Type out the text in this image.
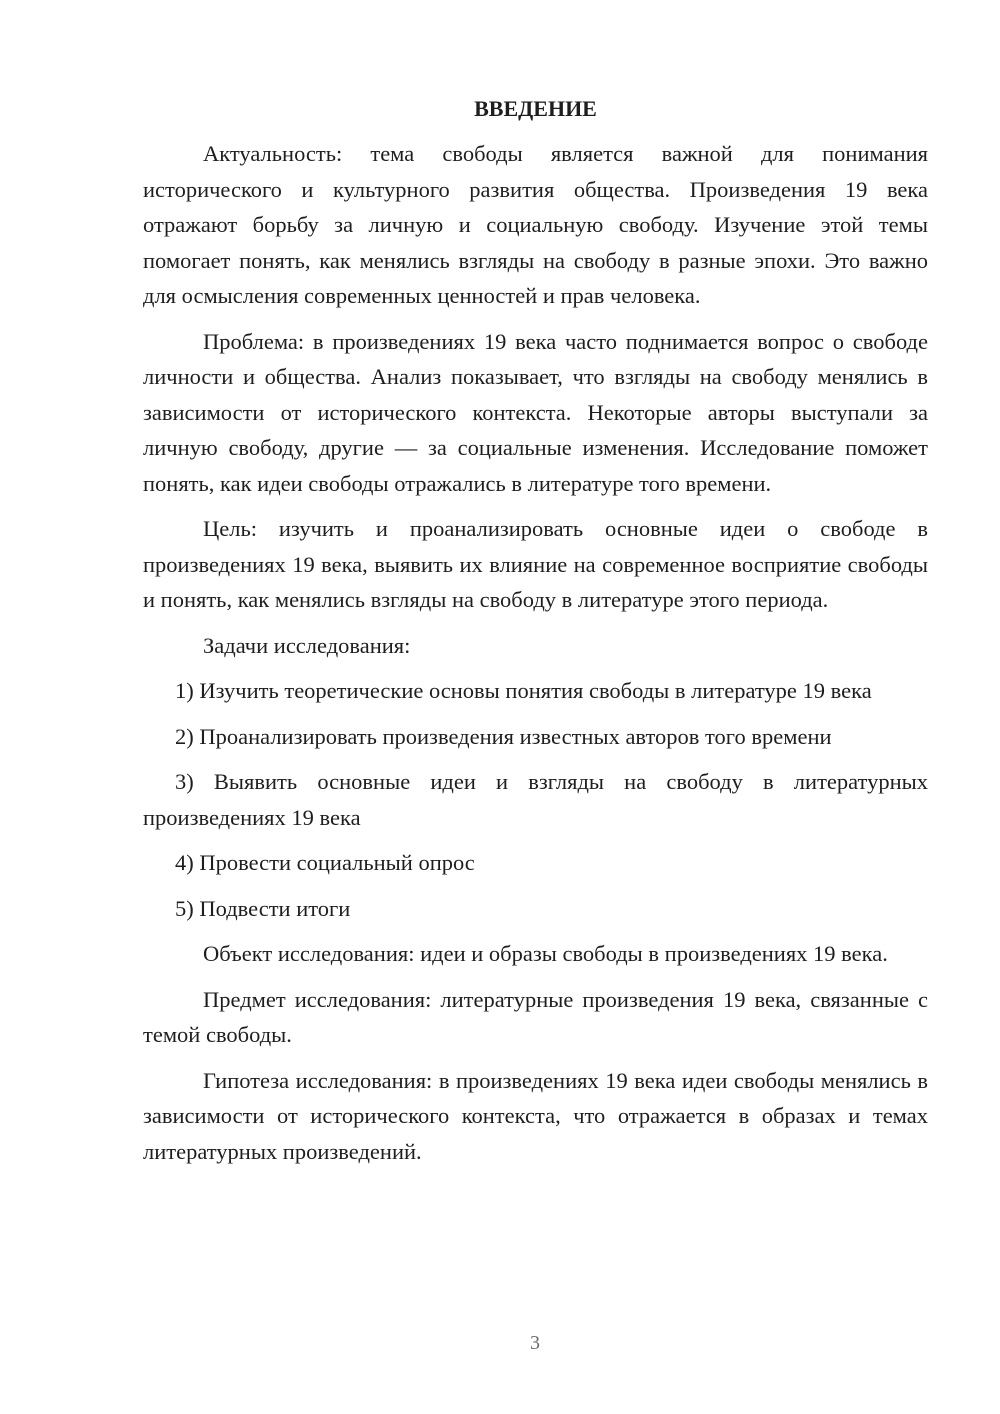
ВВЕДЕНИЕ

Актуальность: тема свободы является важной для понимания исторического и культурного развития общества. Произведения 19 века отражают борьбу за личную и социальную свободу. Изучение этой темы помогает понять, как менялись взгляды на свободу в разные эпохи. Это важно для осмысления современных ценностей и прав человека.

Проблема: в произведениях 19 века часто поднимается вопрос о свободе личности и общества. Анализ показывает, что взгляды на свободу менялись в зависимости от исторического контекста. Некоторые авторы выступали за личную свободу, другие — за социальные изменения. Исследование поможет понять, как идеи свободы отражались в литературе того времени.

Цель: изучить и проанализировать основные идеи о свободе в произведениях 19 века, выявить их влияние на современное восприятие свободы и понять, как менялись взгляды на свободу в литературе этого периода.

Задачи исследования:

1) Изучить теоретические основы понятия свободы в литературе 19 века

2) Проанализировать произведения известных авторов того времени

3) Выявить основные идеи и взгляды на свободу в литературных произведениях 19 века

4) Провести социальный опрос

5) Подвести итоги

Объект исследования: идеи и образы свободы в произведениях 19 века.

Предмет исследования: литературные произведения 19 века, связанные с темой свободы.

Гипотеза исследования: в произведениях 19 века идеи свободы менялись в зависимости от исторического контекста, что отражается в образах и темах литературных произведений.

3
